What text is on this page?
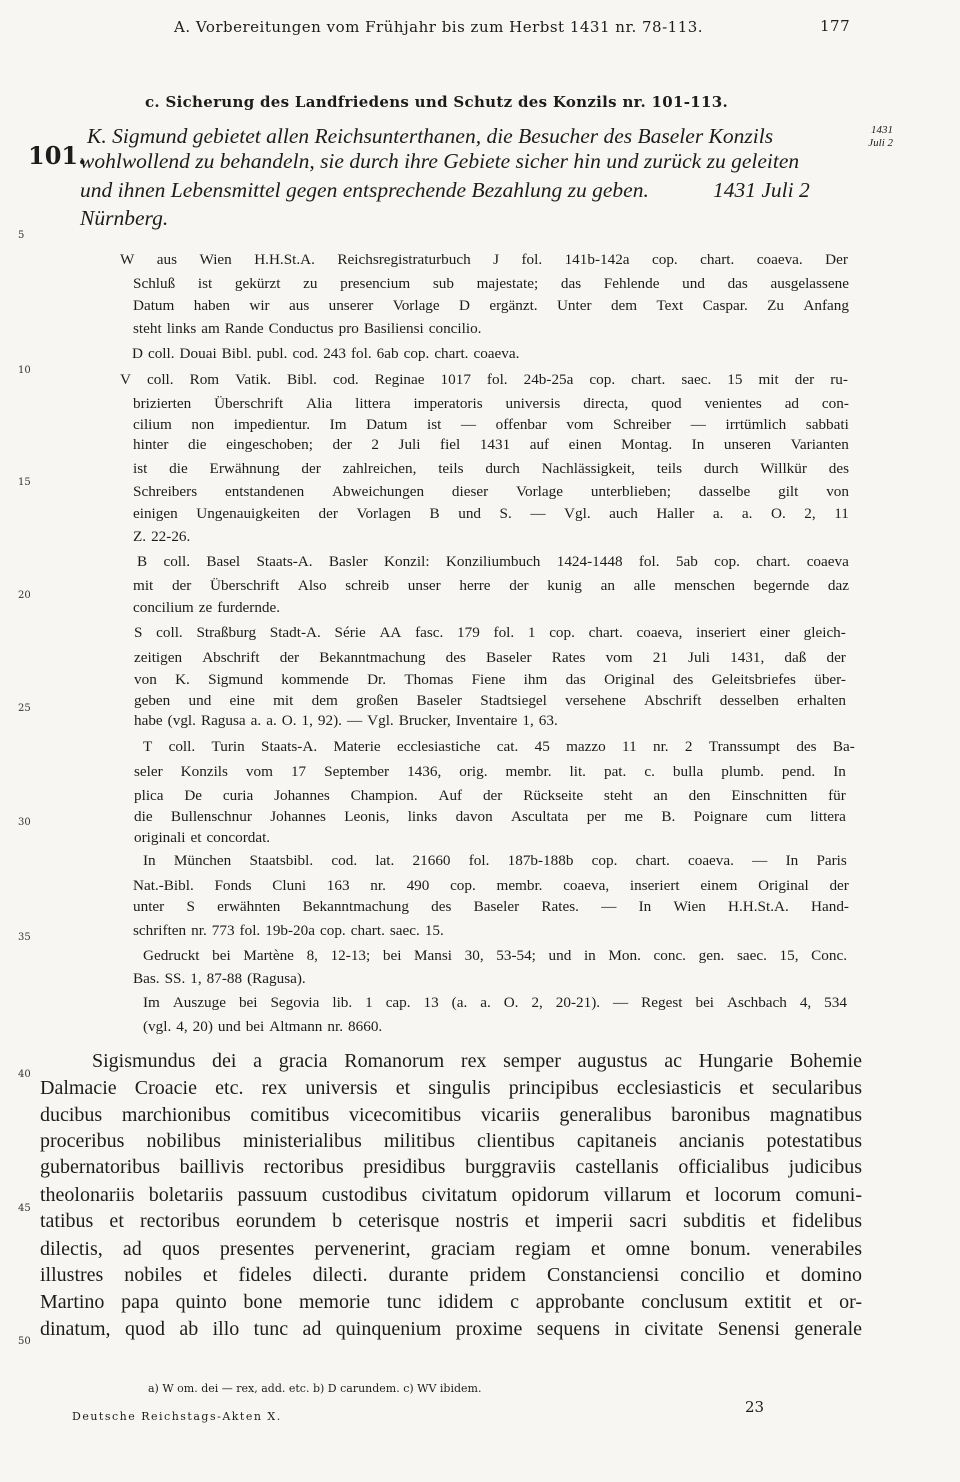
A. Vorbereitungen vom Frühjahr bis zum Herbst 1431 nr. 78-113.	177
c. Sicherung des Landfriedens und Schutz des Konzils nr. 101-113.
101.
1431
Juli 2
K. Sigmund gebietet allen Reichsunterthanen, die Besucher des Baseler Konzils
wohlwollend zu behandeln, sie durch ihre Gebiete sicher hin und zurück zu geleiten
und ihnen Lebensmittel gegen entsprechende Bezahlung zu geben.	1431 Juli 2
Nürnberg.
W aus Wien H.H.St.A. Reichsregistraturbuch J fol. 141b-142a cop. chart. coaeva. Der
Schluß ist gekürzt zu presencium sub majestate; das Fehlende und das ausgelassene
Datum haben wir aus unserer Vorlage D ergänzt. Unter dem Text Caspar. Zu Anfang
steht links am Rande Conductus pro Basiliensi concilio.
D coll. Douai Bibl. publ. cod. 243 fol. 6ab cop. chart. coaeva.
V coll. Rom Vatik. Bibl. cod. Reginae 1017 fol. 24b-25a cop. chart. saec. 15 mit der ru-
brizierten Überschrift Alia littera imperatoris universis directa, quod venientes ad con-
cilium non impedientur. Im Datum ist — offenbar vom Schreiber — irrtümlich sabbati
hinter die eingeschoben; der 2 Juli fiel 1431 auf einen Montag. In unseren Varianten
ist die Erwähnung der zahlreichen, teils durch Nachlässigkeit, teils durch Willkür des
Schreibers entstandenen Abweichungen dieser Vorlage unterblieben; dasselbe gilt von
einigen Ungenauigkeiten der Vorlagen B und S. — Vgl. auch Haller a. a. O. 2, 11
Z. 22-26.
B coll. Basel Staats-A. Basler Konzil: Konziliumbuch 1424-1448 fol. 5ab cop. chart. coaeva
mit der Überschrift Also schreib unser herre der kunig an alle menschen begernde daz
concilium ze furdernde.
S coll. Straßburg Stadt-A. Série AA fasc. 179 fol. 1 cop. chart. coaeva, inseriert einer gleich-
zeitigen Abschrift der Bekanntmachung des Baseler Rates vom 21 Juli 1431, daß der
von K. Sigmund kommende Dr. Thomas Fiene ihm das Original des Geleitsbriefes über-
geben und eine mit dem großen Baseler Stadtsiegel versehene Abschrift desselben erhalten
habe (vgl. Ragusa a. a. O. 1, 92). — Vgl. Brucker, Inventaire 1, 63.
T coll. Turin Staats-A. Materie ecclesiastiche cat. 45 mazzo 11 nr. 2 Transsumpt des Ba-
seler Konzils vom 17 September 1436, orig. membr. lit. pat. c. bulla plumb. pend. In
plica De curia Johannes Champion. Auf der Rückseite steht an den Einschnitten für
die Bullenschnur Johannes Leonis, links davon Ascultata per me B. Poignare cum littera
originali et concordat.
In München Staatsbibl. cod. lat. 21660 fol. 187b-188b cop. chart. coaeva. — In Paris
Nat.-Bibl. Fonds Cluni 163 nr. 490 cop. membr. coaeva, inseriert einem Original der
unter S erwähnten Bekanntmachung des Baseler Rates. — In Wien H.H.St.A. Hand-
schriften nr. 773 fol. 19b-20a cop. chart. saec. 15.
Gedruckt bei Martène 8, 12-13; bei Mansi 30, 53-54; und in Mon. conc. gen. saec. 15, Conc.
Bas. SS. 1, 87-88 (Ragusa).
Im Auszuge bei Segovia lib. 1 cap. 13 (a. a. O. 2, 20-21). — Regest bei Aschbach 4, 534
(vgl. 4, 20) und bei Altmann nr. 8660.
Sigismundus dei a gracia Romanorum rex semper augustus ac Hungarie Bohemie
Dalmacie Croacie etc. rex universis et singulis principibus ecclesiasticis et secularibus
ducibus marchionibus comitibus vicecomitibus vicariis generalibus baronibus magnatibus
proceribus nobilibus ministerialibus militibus clientibus capitaneis ancianis potestatibus
gubernatoribus baillivis rectoribus presidibus burggraviis castellanis officialibus judicibus
theolonariis boletariis passuum custodibus civitatum opidorum villarum et locorum comuni-
tatibus et rectoribus eorundem b ceterisque nostris et imperii sacri subditis et fidelibus
dilectis, ad quos presentes pervenerint, graciam regiam et omne bonum. venerabiles
illustres nobiles et fideles dilecti. durante pridem Constanciensi concilio et domino
Martino papa quinto bone memorie tunc ididem c approbante conclusum extitit et or-
dinatum, quod ab illo tunc ad quinquenium proxime sequens in civitate Senensi generale
5
10
15
20
25
30
35
40
45
50
a) W om. dei — rex, add. etc. b) D carundem. c) WV ibidem.
Deutsche Reichstags-Akten X.
23
